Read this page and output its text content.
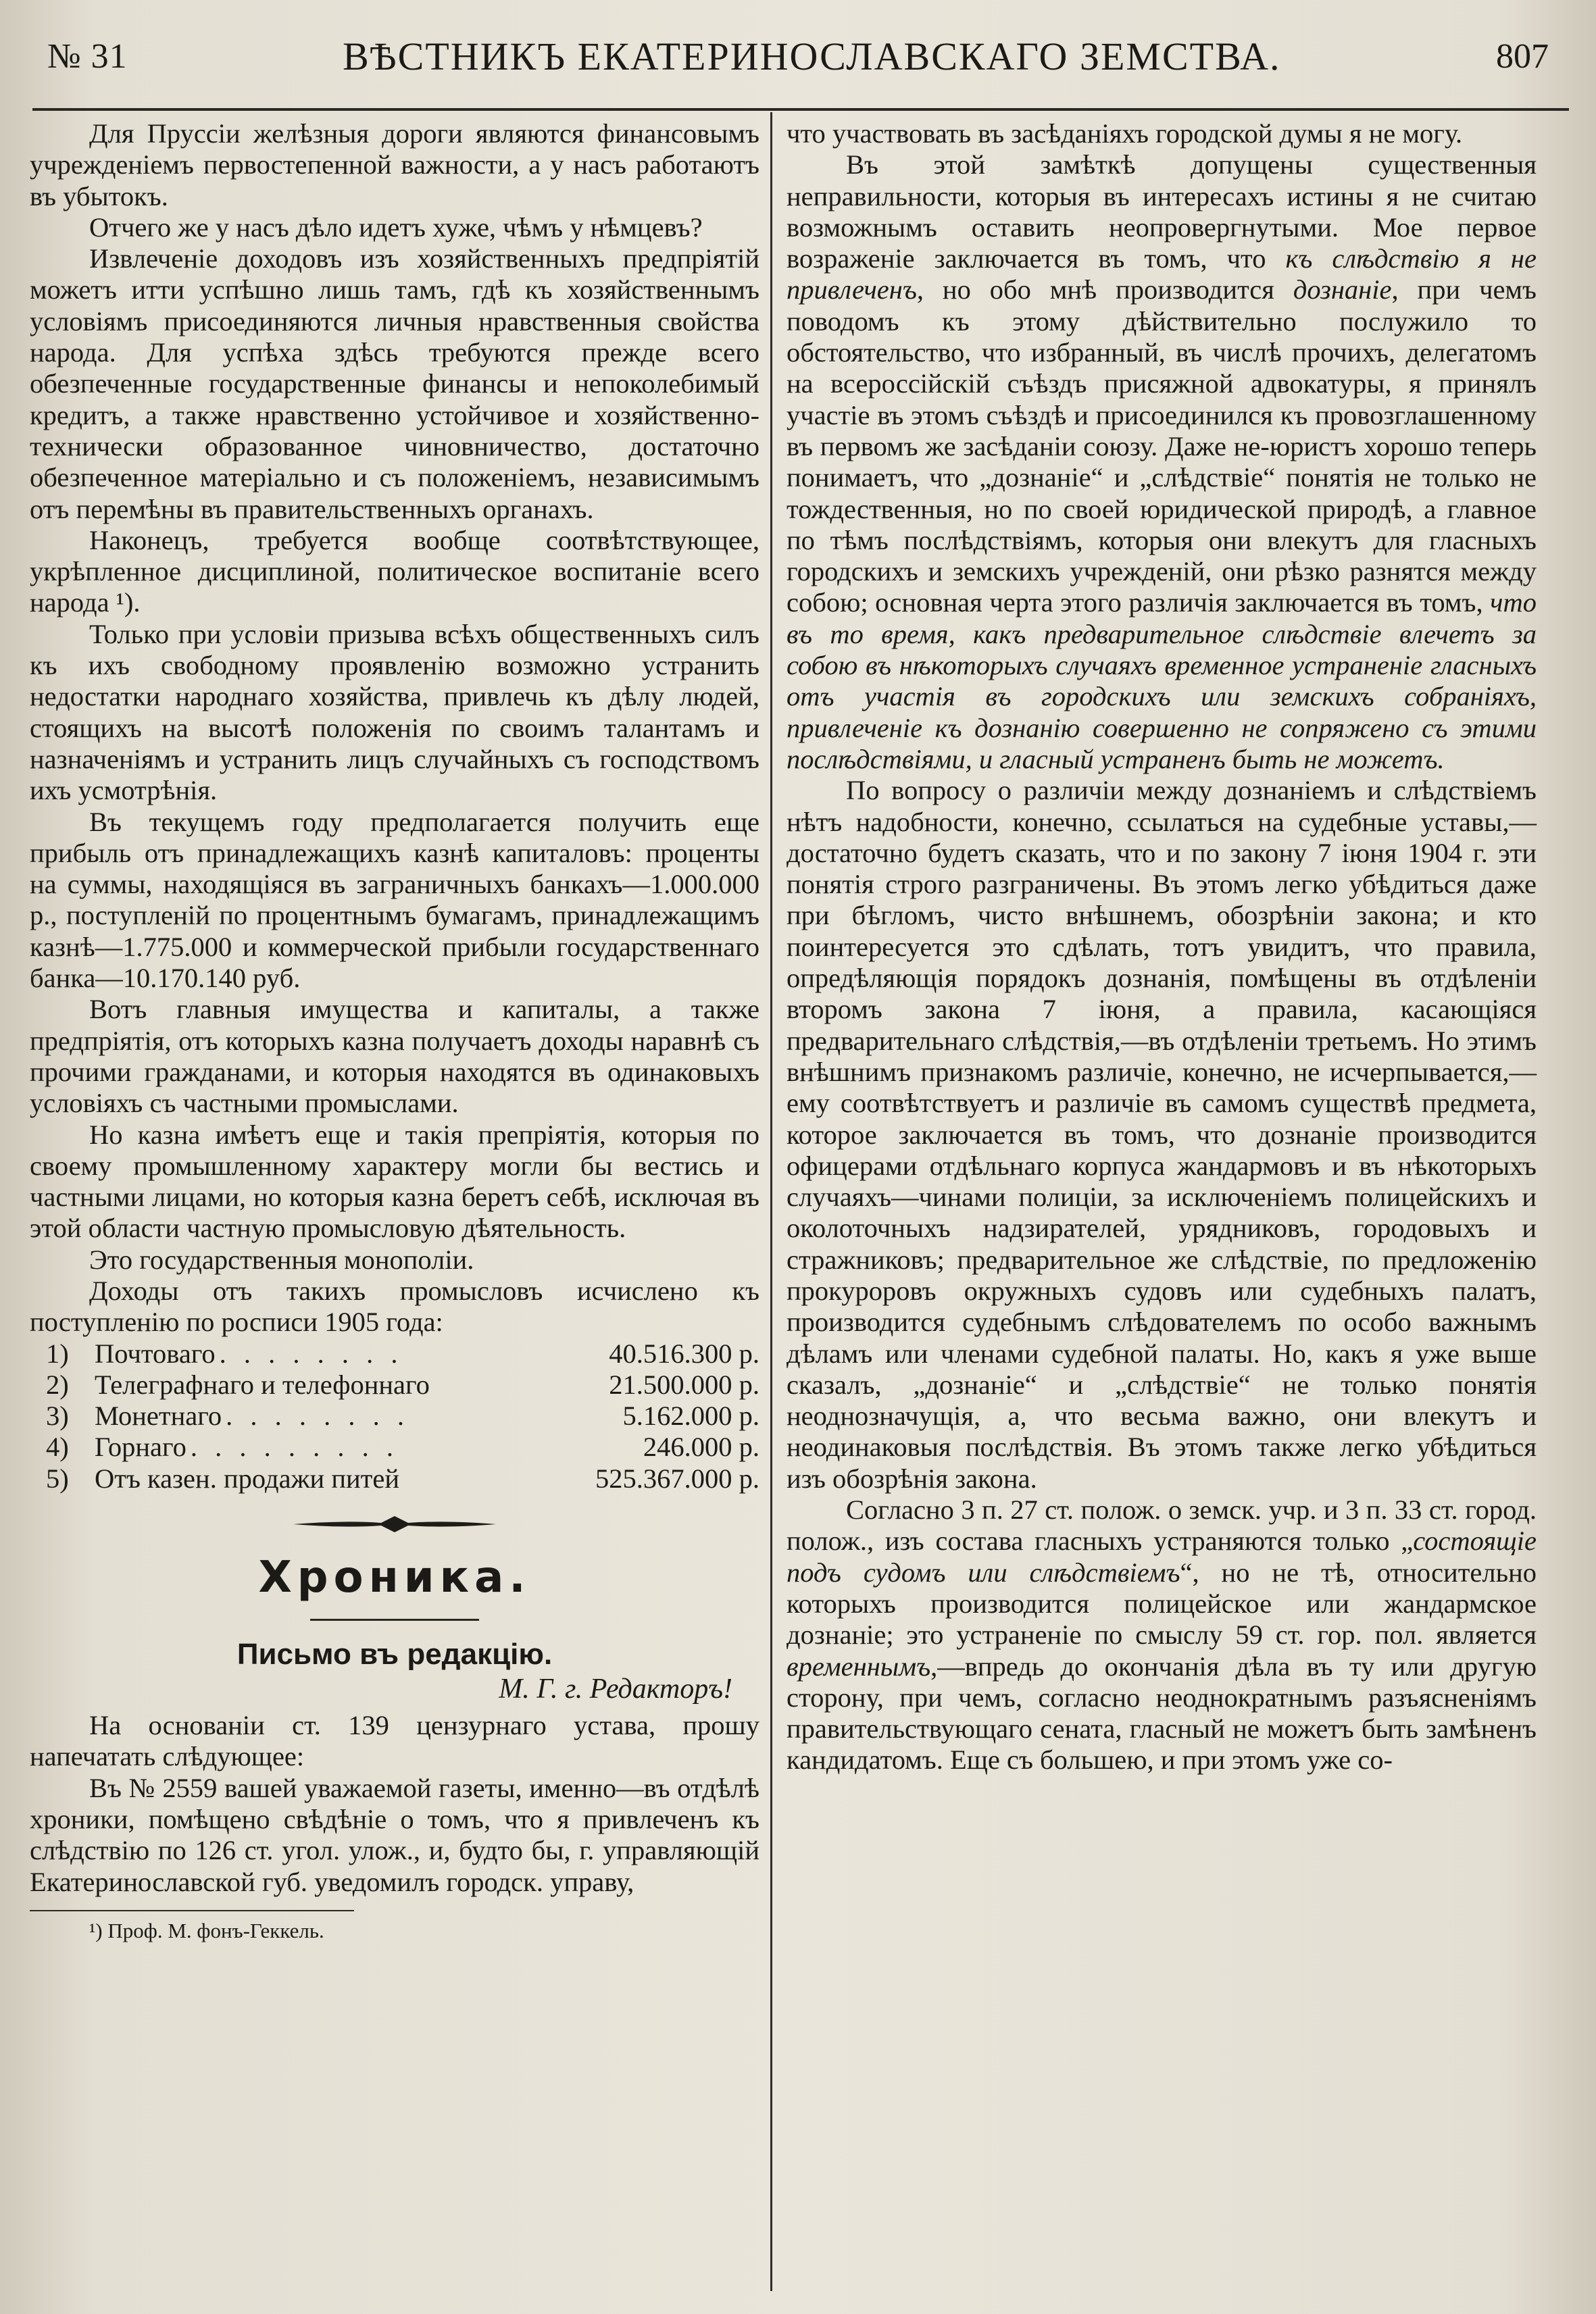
№ 31	ВѢСТНИКЪ ЕКАТЕРИНОСЛАВСКАГО ЗЕМСТВА.	807

Для Пруссіи желѣзныя дороги являются финансовымъ учрежденіемъ первостепенной важности, а у насъ работаютъ въ убытокъ.

Отчего же у насъ дѣло идетъ хуже, чѣмъ у нѣмцевъ?

Извлеченіе доходовъ изъ хозяйственныхъ предпріятій можетъ итти успѣшно лишь тамъ, гдѣ къ хозяйственнымъ условіямъ присоединяются личныя нравственныя свойства народа. Для успѣха здѣсь требуются прежде всего обезпеченные государственные финансы и непоколебимый кредитъ, а также нравственно устойчивое и хозяйственно-технически образованное чиновничество, достаточно обезпеченное матеріально и съ положеніемъ, независимымъ отъ перемѣны въ правительственныхъ органахъ.

Наконецъ, требуется вообще соотвѣтствующее, укрѣпленное дисциплиной, политическое воспитаніе всего народа ¹).

Только при условіи призыва всѣхъ общественныхъ силъ къ ихъ свободному проявленію возможно устранить недостатки народнаго хозяйства, привлечь къ дѣлу людей, стоящихъ на высотѣ положенія по своимъ талантамъ и назначеніямъ и устранить лицъ случайныхъ съ господствомъ ихъ усмотрѣнія.

Въ текущемъ году предполагается получить еще прибыль отъ принадлежащихъ казнѣ капиталовъ: проценты на суммы, находящіяся въ заграничныхъ банкахъ—1.000.000 р., поступленій по процентнымъ бумагамъ, принадлежащимъ казнѣ—1.775.000 и коммерческой прибыли государственнаго банка—10.170.140 руб.

Вотъ главныя имущества и капиталы, а также предпріятія, отъ которыхъ казна получаетъ доходы наравнѣ съ прочими гражданами, и которыя находятся въ одинаковыхъ условіяхъ съ частными промыслами.

Но казна имѣетъ еще и такія препріятія, которыя по своему промышленному характеру могли бы вестись и частными лицами, но которыя казна беретъ себѣ, исключая въ этой области частную промысловую дѣятельность.

Это государственныя монополіи.

Доходы отъ такихъ промысловъ исчислено къ поступленію по росписи 1905 года:

1) Почтоваго . . . . . . . .	40.516.300 р.
2) Телеграфнаго и телефоннаго	21.500.000 р.
3) Монетнаго . . . . . . . .	5.162.000 р.
4) Горнаго . . . . . . . . .	246.000 р.
5) Отъ казен. продажи питей	525.367.000 р.
Хроника.
Письмо въ редакцію.
М. Г. г. Редакторъ!

На основаніи ст. 139 цензурнаго устава, прошу напечатать слѣдующее:

Въ № 2559 вашей уважаемой газеты, именно—въ отдѣлѣ хроники, помѣщено свѣдѣніе о томъ, что я привлеченъ къ слѣдствію по 126 ст. угол. улож., и, будто бы, г. управляющій Екатеринославской губ. уведомилъ городск. управу,

¹) Проф. М. фонъ-Геккель.

что участвовать въ засѣданіяхъ городской думы я не могу.

Въ этой замѣткѣ допущены существенныя неправильности, которыя въ интересахъ истины я не считаю возможнымъ оставить неопровергнутыми. Мое первое возраженіе заключается въ томъ, что къ слѣдствію я не привлеченъ, но обо мнѣ производится дознаніе, при чемъ поводомъ къ этому дѣйствительно послужило то обстоятельство, что избранный, въ числѣ прочихъ, делегатомъ на всероссійскій съѣздъ присяжной адвокатуры, я принялъ участіе въ этомъ съѣздѣ и присоединился къ провозглашенному въ первомъ же засѣданіи союзу. Даже не-юристъ хорошо теперь понимаетъ, что „дознаніе“ и „слѣдствіе“ понятія не только не тождественныя, но по своей юридической природѣ, а главное по тѣмъ послѣдствіямъ, которыя они влекутъ для гласныхъ городскихъ и земскихъ учрежденій, они рѣзко разнятся между собою; основная черта этого различія заключается въ томъ, что въ то время, какъ предварительное слѣдствіе влечетъ за собою въ нѣкоторыхъ случаяхъ временное устраненіе гласныхъ отъ участія въ городскихъ или земскихъ собраніяхъ, привлеченіе къ дознанію совершенно не сопряжено съ этими послѣдствіями, и гласный устраненъ быть не можетъ.

По вопросу о различіи между дознаніемъ и слѣдствіемъ нѣтъ надобности, конечно, ссылаться на судебные уставы,—достаточно будетъ сказать, что и по закону 7 іюня 1904 г. эти понятія строго разграничены. Въ этомъ легко убѣдиться даже при бѣгломъ, чисто внѣшнемъ, обозрѣніи закона; и кто поинтересуется это сдѣлать, тотъ увидитъ, что правила, опредѣляющія порядокъ дознанія, помѣщены въ отдѣленіи второмъ закона 7 іюня, а правила, касающіяся предварительнаго слѣдствія,—въ отдѣленіи третьемъ. Но этимъ внѣшнимъ признакомъ различіе, конечно, не исчерпывается,—ему соотвѣтствуетъ и различіе въ самомъ существѣ предмета, которое заключается въ томъ, что дознаніе производится офицерами отдѣльнаго корпуса жандармовъ и въ нѣкоторыхъ случаяхъ—чинами полиціи, за исключеніемъ полицейскихъ и околоточныхъ надзирателей, урядниковъ, городовыхъ и стражниковъ; предварительное же слѣдствіе, по предложенію прокуроровъ окружныхъ судовъ или судебныхъ палатъ, производится судебнымъ слѣдователемъ по особо важнымъ дѣламъ или членами судебной палаты. Но, какъ я уже выше сказалъ, „дознаніе“ и „слѣдствіе“ не только понятія неоднозначущія, а, что весьма важно, они влекутъ и неодинаковыя послѣдствія. Въ этомъ также легко убѣдиться изъ обозрѣнія закона.

Согласно 3 п. 27 ст. полож. о земск. учр. и 3 п. 33 ст. город. полож., изъ состава гласныхъ устраняются только „состоящіе подъ судомъ или слѣдствіемъ“, но не тѣ, относительно которыхъ производится полицейское или жандармское дознаніе; это устраненіе по смыслу 59 ст. гор. пол. является временнымъ,—впредь до окончанія дѣла въ ту или другую сторону, при чемъ, согласно неоднократнымъ разъясненіямъ правительствующаго сената, гласный не можетъ быть замѣненъ кандидатомъ. Еще съ большею, и при этомъ уже со-
